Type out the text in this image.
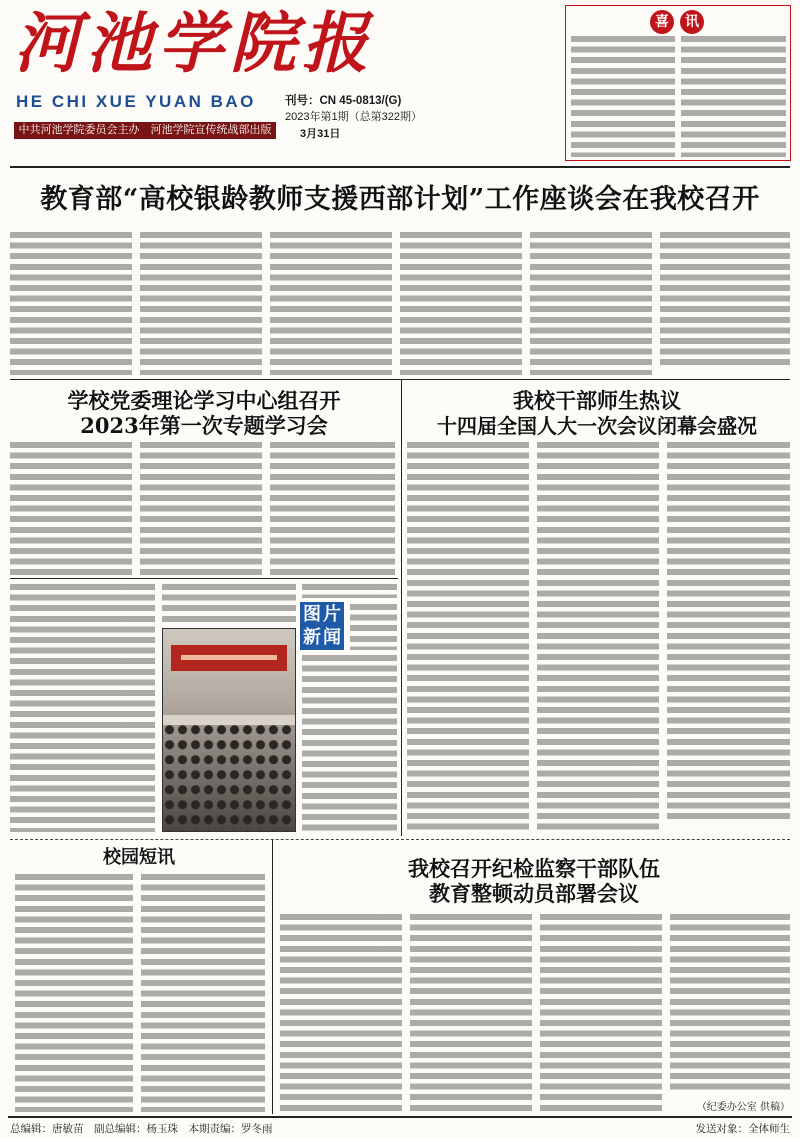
河池学院报
HE CHI XUE YUAN BAO	刊号：CN 45-0813/(G)
2023年第1期（总第322期）
3月31日
中共河池学院委员会主办　河池学院宣传统战部出版
喜	讯
教育部“高校银龄教师支援西部计划”工作座谈会在我校召开
学校党委理论学习中心组召开
2023年第一次专题学习会
图片新闻
我校干部师生热议
十四届全国人大一次会议闭幕会盛况
校园短讯	我校召开纪检监察干部队伍
教育整顿动员部署会议
（纪委办公室 供稿）
总编辑：唐敏苗　副总编辑：杨玉珠　本期责编：罗冬雨	发送对象：全体师生
